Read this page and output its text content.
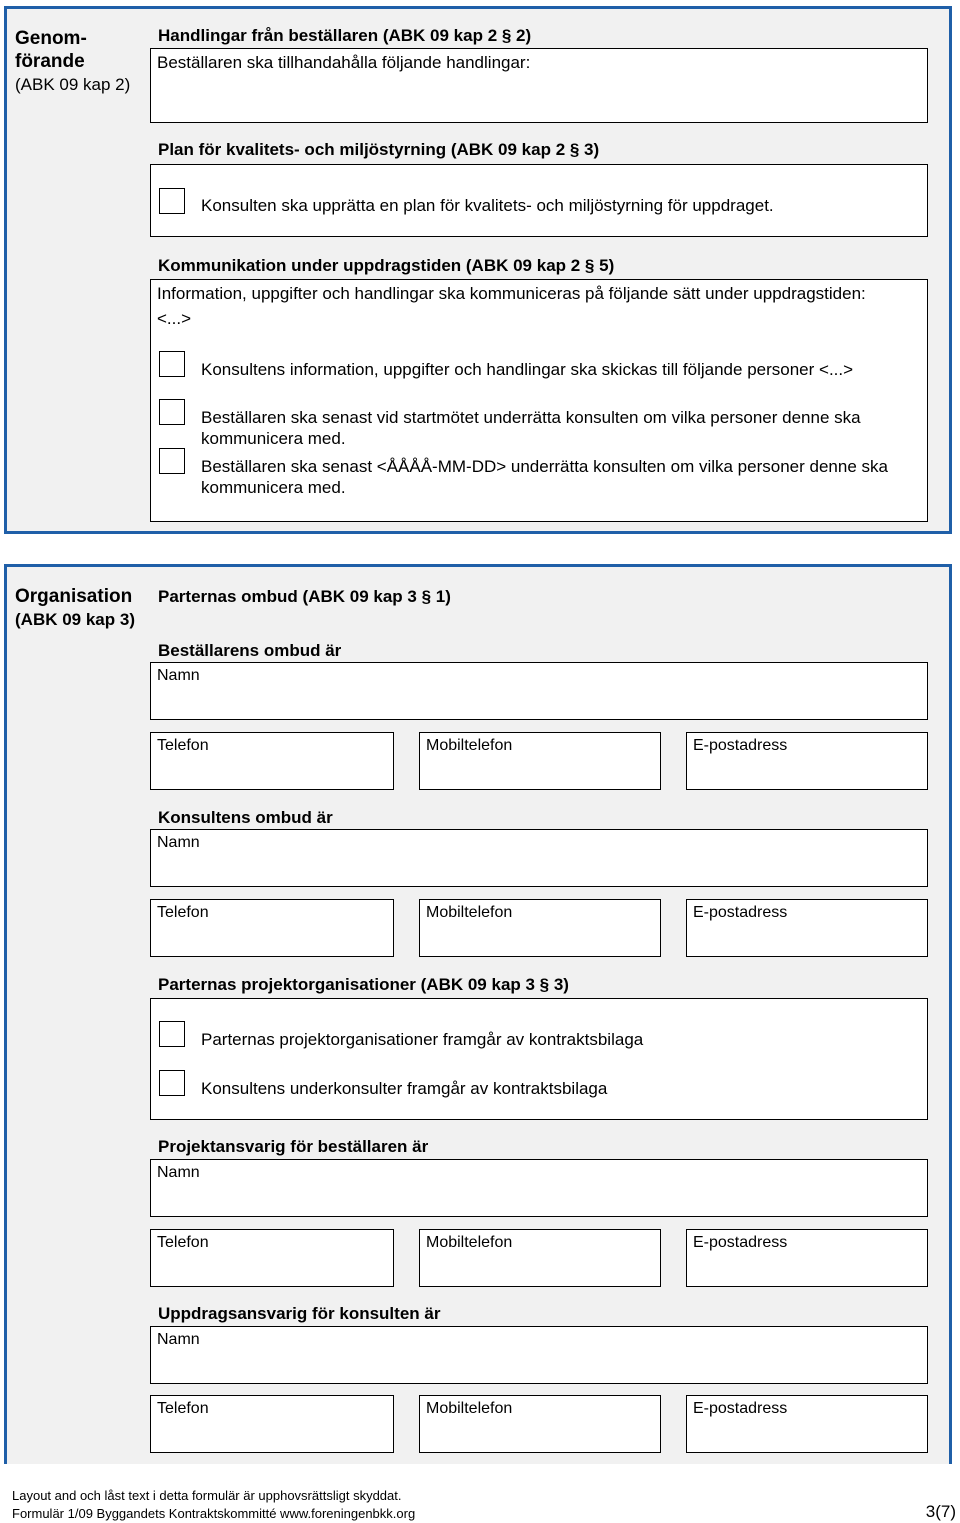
Genom-
förande
(ABK 09 kap 2)
Handlingar från beställaren (ABK 09 kap 2 § 2)
Beställaren ska tillhandahålla följande handlingar:
Plan för kvalitets- och miljöstyrning (ABK 09 kap 2 § 3)
Konsulten ska upprätta en plan för kvalitets- och miljöstyrning för uppdraget.
Kommunikation under uppdragstiden (ABK 09 kap 2 § 5)
Information, uppgifter och handlingar ska kommuniceras på följande sätt under uppdragstiden:
<...>
Konsultens information, uppgifter och handlingar ska skickas till följande personer <...>
Beställaren ska senast vid startmötet underrätta konsulten om vilka personer denne ska kommunicera med.
Beställaren ska senast <ÅÅÅÅ-MM-DD> underrätta konsulten om vilka personer denne ska kommunicera med.
Organisation
(ABK 09 kap 3)
Parternas ombud (ABK 09 kap 3 § 1)
Beställarens ombud är
Namn
Telefon	Mobiltelefon	E-postadress
Konsultens ombud är
Namn
Telefon	Mobiltelefon	E-postadress
Parternas projektorganisationer (ABK 09 kap 3 § 3)
Parternas projektorganisationer framgår av kontraktsbilaga
Konsultens underkonsulter framgår av kontraktsbilaga
Projektansvarig för beställaren är
Namn
Telefon	Mobiltelefon	E-postadress
Uppdragsansvarig för konsulten är
Namn
Telefon	Mobiltelefon	E-postadress
Layout and och låst text i detta formulär är upphovsrättsligt skyddat.
Formulär 1/09 Byggandets Kontraktskommitté www.foreningenbkk.org	3(7)
